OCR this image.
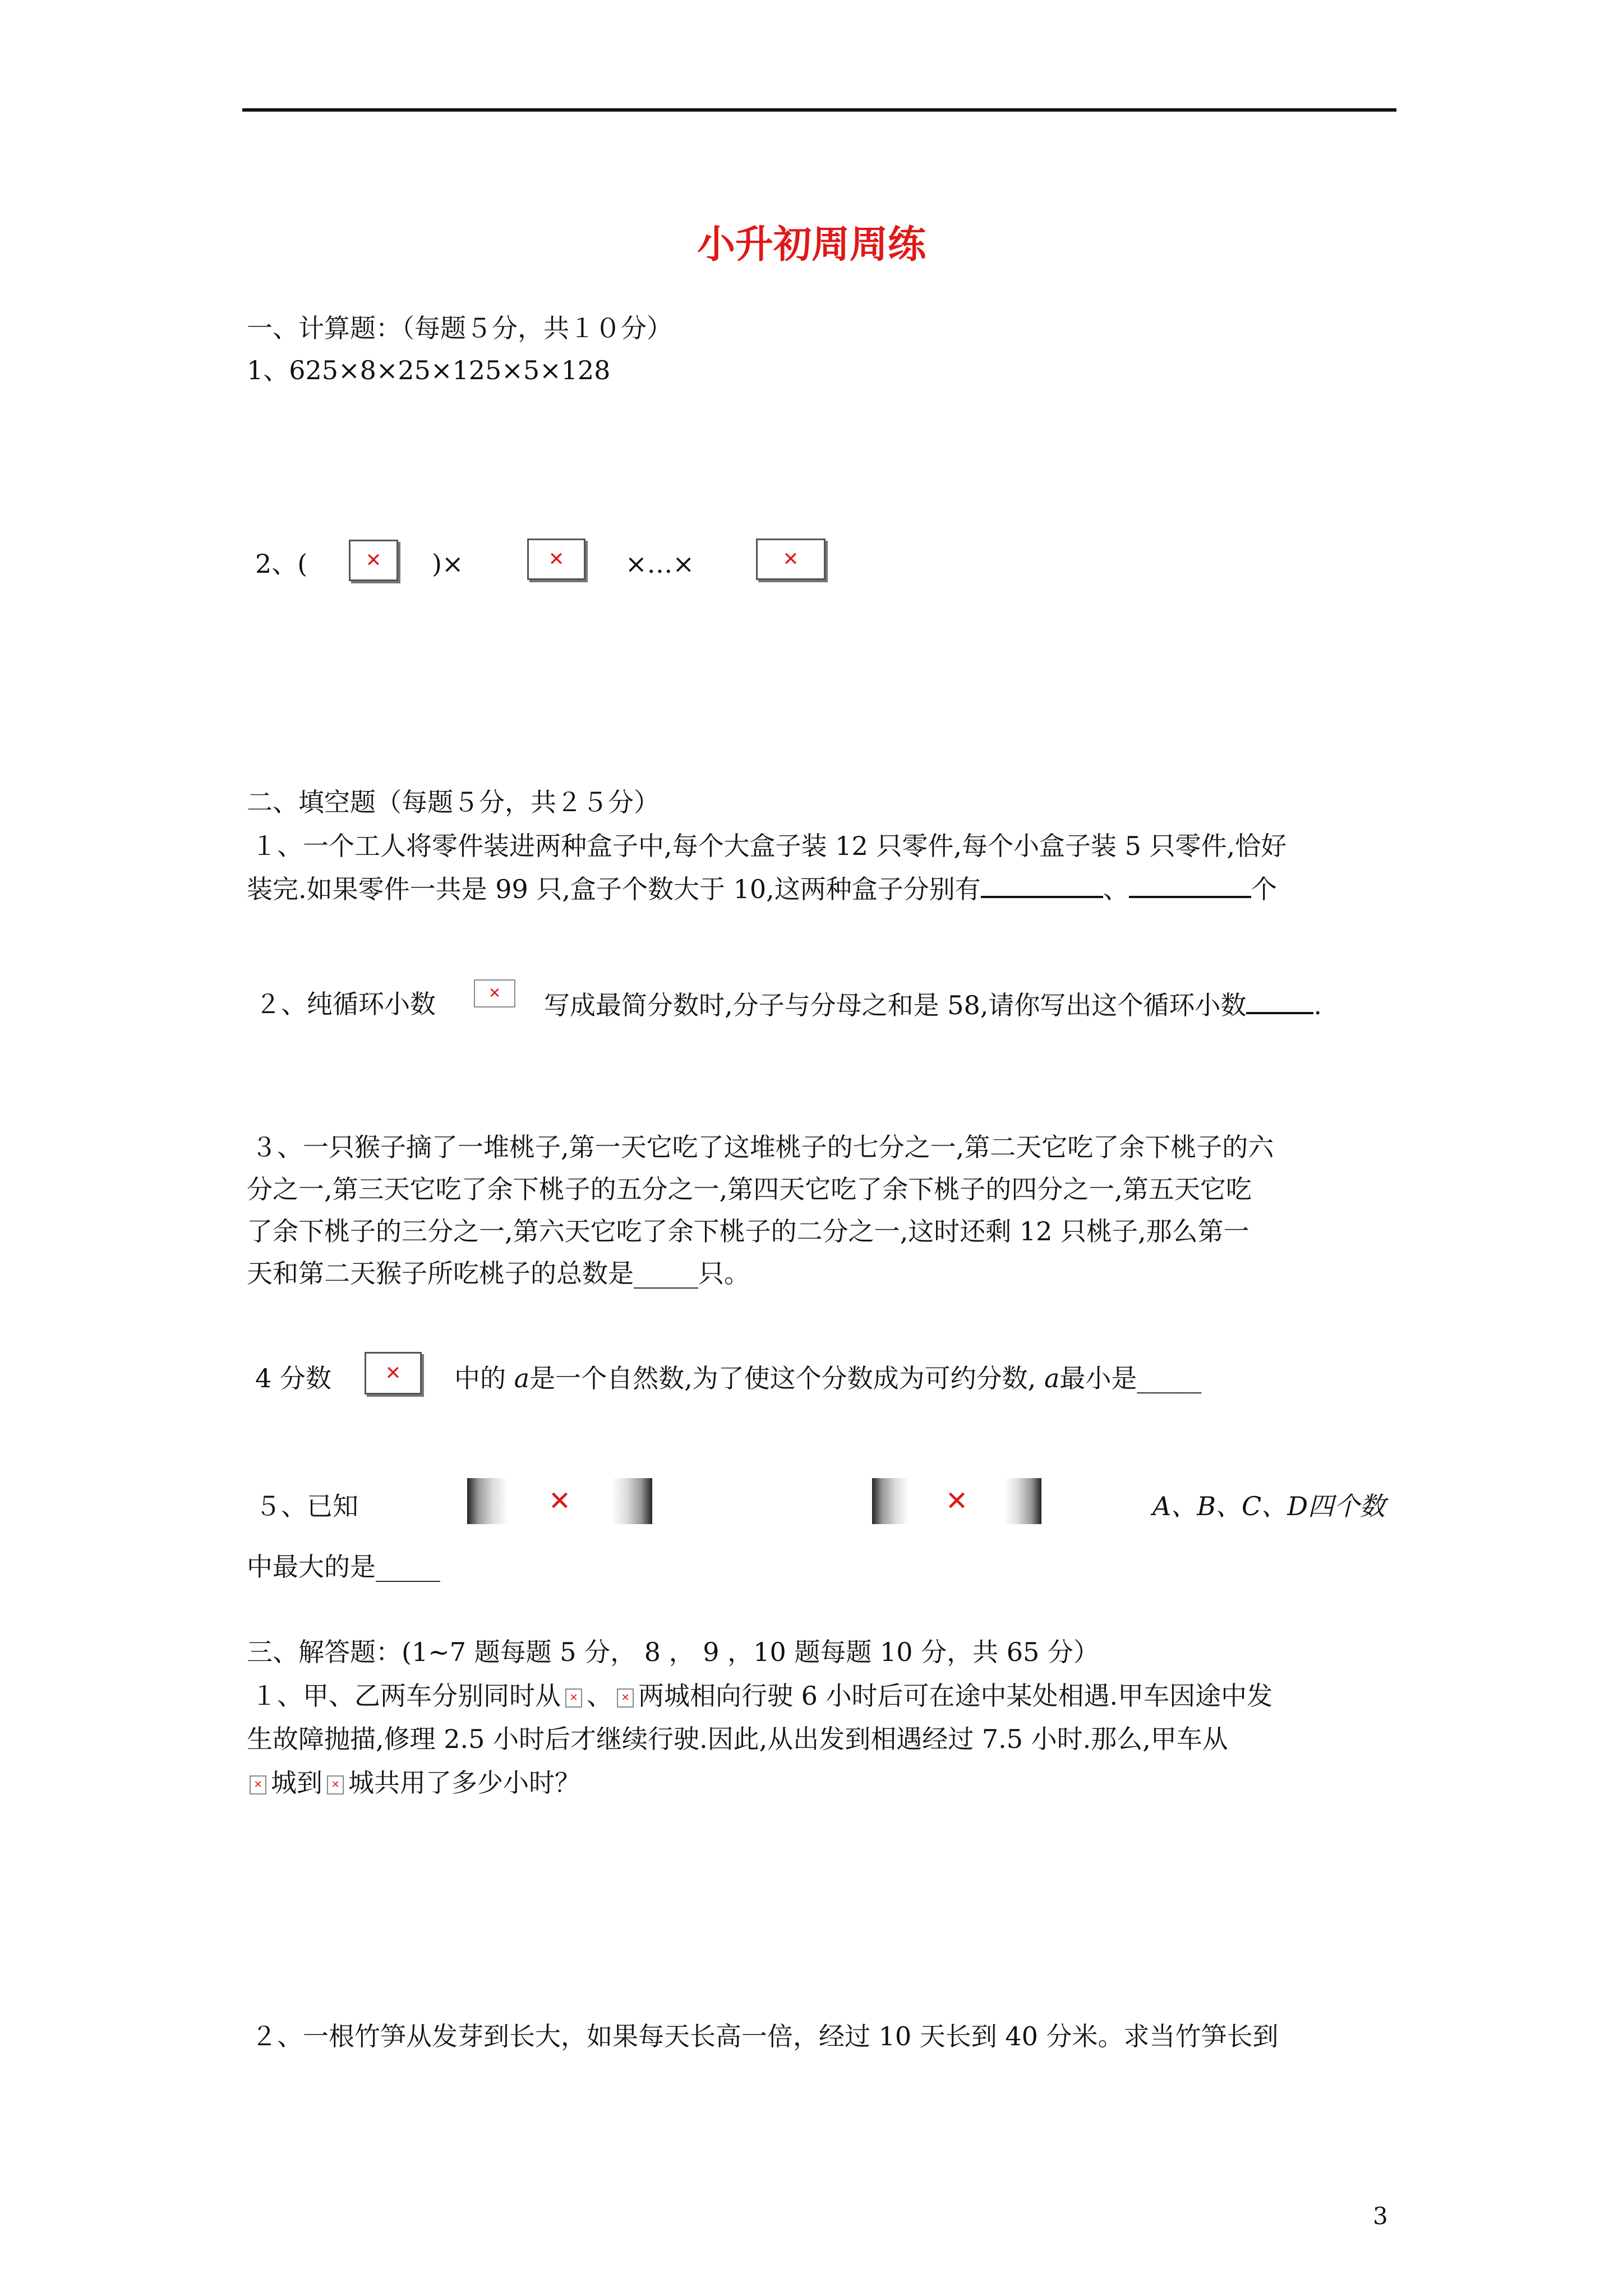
小升初周周练
一、计算题：（每题５分，共１０分）
1、625×8×25×125×5×128
2、(	✕	)×	✕	×…×	✕
二、填空题（每题５分，共２５分）
１、一个工人将零件装进两种盒子中,每个大盒子装 12 只零件,每个小盒子装 5 只零件,恰好
装完.如果零件一共是 99 只,盒子个数大于 10,这两种盒子分别有	、	个
２、纯循环小数	✕	写成最简分数时,分子与分母之和是 58,请你写出这个循环小数	.
３、一只猴子摘了一堆桃子,第一天它吃了这堆桃子的七分之一,第二天它吃了余下桃子的六
分之一,第三天它吃了余下桃子的五分之一,第四天它吃了余下桃子的四分之一,第五天它吃
了余下桃子的三分之一,第六天它吃了余下桃子的二分之一,这时还剩 12 只桃子,那么第一
天和第二天猴子所吃桃子的总数是_____只。
4 分数	✕	中的 a是一个自然数,为了使这个分数成为可约分数, a最小是_____
５、已知	✕	✕	A、B、C、D四个数
中最大的是_____
三、解答题：(1~7 题每题 5 分， 8 ， 9 ，10 题每题 10 分，共 65 分）
１、甲、乙两车分别同时从 ✕ 、 ✕ 两城相向行驶 6 小时后可在途中某处相遇.甲车因途中发
生故障抛描,修理 2.5 小时后才继续行驶.因此,从出发到相遇经过 7.5 小时.那么,甲车从
✕ 城到 ✕ 城共用了多少小时？
２、一根竹笋从发芽到长大，如果每天长高一倍，经过 10 天长到 40 分米。求当竹笋长到
3
